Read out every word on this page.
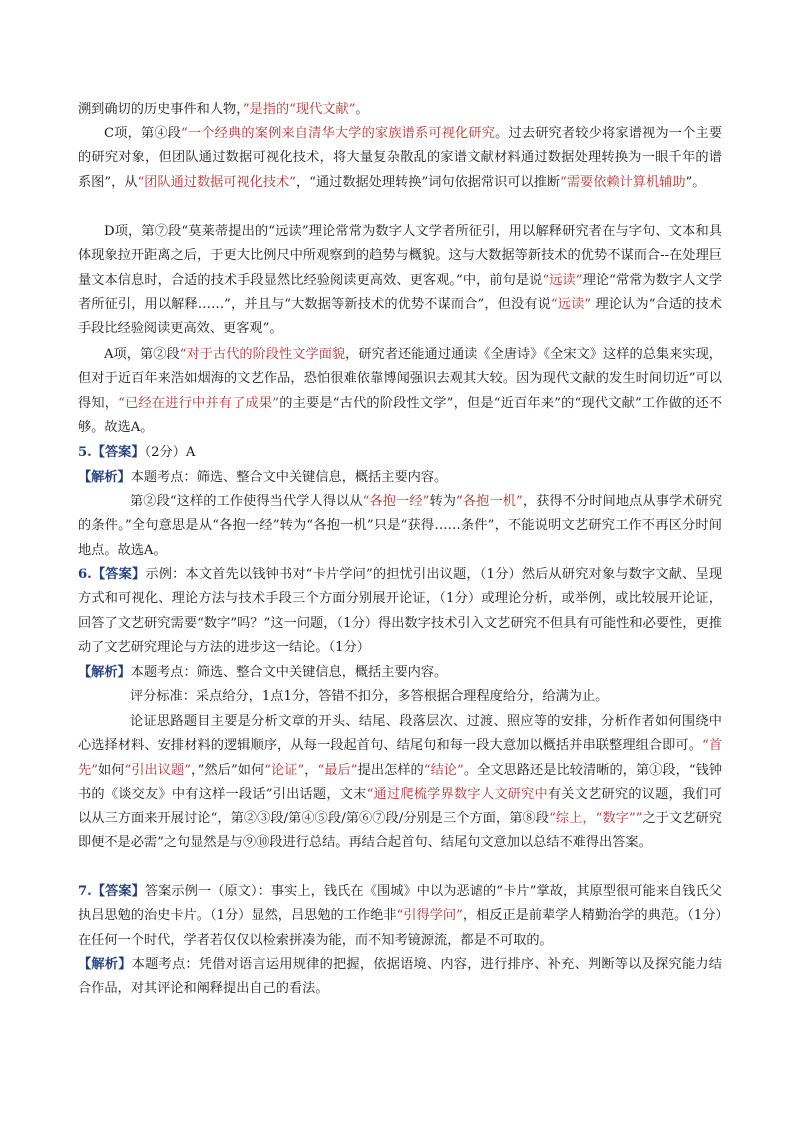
溯到确切的历史事件和人物，”是指的“现代文献”。

C项，第④段“一个经典的案例来自清华大学的家族谱系可视化研究。过去研究者较少将家谱视为一个主要的研究对象，但团队通过数据可视化技术，将大量复杂散乱的家谱文献材料通过数据处理转换为一眼千年的谱系图”，从“团队通过数据可视化技术”，“通过数据处理转换”词句依据常识可以推断“需要依赖计算机辅助”。

D项，第⑦段“莫莱蒂提出的“远读”理论常常为数字人文学者所征引，用以解释研究者在与字句、文本和具体现象拉开距离之后，于更大比例尺中所观察到的趋势与概貌。这与大数据等新技术的优势不谋而合--在处理巨量文本信息时，合适的技术手段显然比经验阅读更高效、更客观。”中，前句是说“远读”理论“常常为数字人文学者所征引，用以解释……”，并且与“大数据等新技术的优势不谋而合”，但没有说“远读” 理论认为“合适的技术手段比经验阅读更高效、更客观”。

A项，第②段“对于古代的阶段性文学面貌，研究者还能通过通读《全唐诗》《全宋文》这样的总集来实现，但对于近百年来浩如烟海的文艺作品，恐怕很难依靠博闻强识去观其大较。因为现代文献的发生时间切近”可以得知，“已经在进行中并有了成果”的主要是“古代的阶段性文学”，但是“近百年来”的“现代文献”工作做的还不够。故选A。

5.【答案】（2分）A

【解析】本题考点：筛选、整合文中关键信息，概括主要内容。

第②段“这样的工作使得当代学人得以从“各抱一经”转为“各抱一机”，获得不分时间地点从事学术研究的条件。”全句意思是从“各抱一经”转为“各抱一机”只是“获得……条件”，不能说明文艺研究工作不再区分时间地点。故选A。

6.【答案】示例：本文首先以钱钟书对“卡片学问”的担忧引出议题，（1分）然后从研究对象与数字文献、呈现方式和可视化、理论方法与技术手段三个方面分别展开论证，（1分）或理论分析，或举例，或比较展开论证，回答了文艺研究需要“数字”吗？”这一问题，（1分）得出数字技术引入文艺研究不但具有可能性和必要性，更推动了文艺研究理论与方法的进步这一结论。（1分）

【解析】本题考点：筛选、整合文中关键信息，概括主要内容。

评分标准：采点给分，1点1分，答错不扣分，多答根据合理程度给分，给满为止。

论证思路题目主要是分析文章的开头、结尾、段落层次、过渡、照应等的安排，分析作者如何围绕中心选择材料、安排材料的逻辑顺序，从每一段起首句、结尾句和每一段大意加以概括并串联整理组合即可。“首先”如何“引出议题”，”然后”如何“论证”，“最后”提出怎样的“结论”。全文思路还是比较清晰的，第①段，“钱钟书的《谈交友》中有这样一段话”引出话题，文末“通过爬梳学界数字人文研究中有关文艺研究的议题，我们可以从三方面来开展讨论“，第②③段/第④⑤段/第⑥⑦段/分别是三个方面，第⑧段“综上，“数字””之于文艺研究即便不是必需”之句显然是与⑨⑩段进行总结。再结合起首句、结尾句文意加以总结不难得出答案。

7.【答案】答案示例一（原文）：事实上，钱氏在《围城》中以为恶谑的“卡片”掌故，其原型很可能来自钱氏父执吕思勉的治史卡片。（1分）显然，吕思勉的工作绝非“引得学问”，相反正是前辈学人精勤治学的典范。（1分）在任何一个时代，学者若仅仅以检索拼凑为能，而不知考镜源流，都是不可取的。

【解析】本题考点：凭借对语言运用规律的把握，依据语境、内容，进行排序、补充、判断等以及探究能力结合作品，对其评论和阐释提出自己的看法。
